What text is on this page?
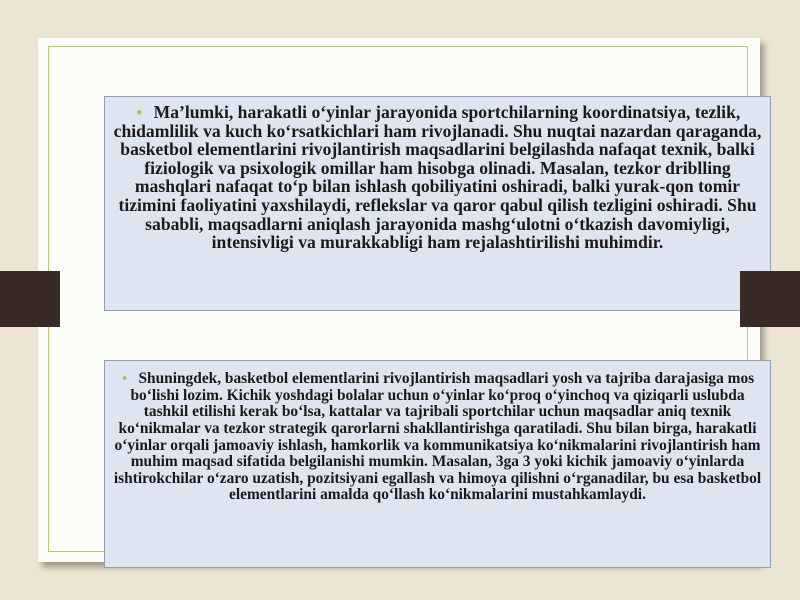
• Ma’lumki, harakatli o‘yinlar jarayonida sportchilarning koordinatsiya, tezlik, chidamlilik va kuch ko‘rsatkichlari ham rivojlanadi. Shu nuqtai nazardan qaraganda, basketbol elementlarini rivojlantirish maqsadlarini belgilashda nafaqat texnik, balki fiziologik va psixologik omillar ham hisobga olinadi. Masalan, tezkor driblling mashqlari nafaqat to‘p bilan ishlash qobiliyatini oshiradi, balki yurak-qon tomir tizimini faoliyatini yaxshilaydi, reflekslar va qaror qabul qilish tezligini oshiradi. Shu sababli, maqsadlarni aniqlash jarayonida mashg‘ulotni o‘tkazish davomiyligi, intensivligi va murakkabligi ham rejalashtirilishi muhimdir.
• Shuningdek, basketbol elementlarini rivojlantirish maqsadlari yosh va tajriba darajasiga mos bo‘lishi lozim. Kichik yoshdagi bolalar uchun o‘yinlar ko‘proq o‘yinchoq va qiziqarli uslubda tashkil etilishi kerak bo‘lsa, kattalar va tajribali sportchilar uchun maqsadlar aniq texnik ko‘nikmalar va tezkor strategik qarorlarni shakllantirishga qaratiladi. Shu bilan birga, harakatli o‘yinlar orqali jamoaviy ishlash, hamkorlik va kommunikatsiya ko‘nikmalarini rivojlantirish ham muhim maqsad sifatida belgilanishi mumkin. Masalan, 3ga 3 yoki kichik jamoaviy o‘yinlarda ishtirokchilar o‘zaro uzatish, pozitsiyani egallash va himoya qilishni o‘rganadilar, bu esa basketbol elementlarini amalda qo‘llash ko‘nikmalarini mustahkamlaydi.
